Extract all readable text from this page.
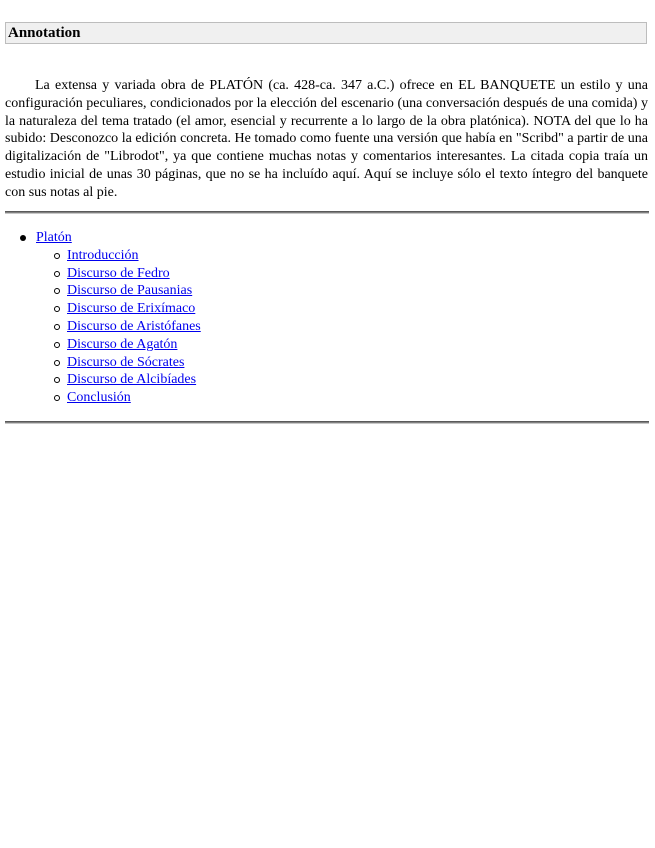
Annotation

La extensa y variada obra de PLATÓN (ca. 428-ca. 347 a.C.) ofrece en EL BANQUETE un estilo y una configuración peculiares, condicionados por la elección del escenario (una conversación después de una comida) y la naturaleza del tema tratado (el amor, esencial y recurrente a lo largo de la obra platónica). NOTA del que lo ha subido: Desconozco la edición concreta. He tomado como fuente una versión que había en "Scribd" a partir de una digitalización de "Librodot", ya que contiene muchas notas y comentarios interesantes. La citada copia traía un estudio inicial de unas 30 páginas, que no se ha incluído aquí. Aquí se incluye sólo el texto íntegro del banquete con sus notas al pie.

Platón
Introducción
Discurso de Fedro
Discurso de Pausanias
Discurso de Erixímaco
Discurso de Aristófanes
Discurso de Agatón
Discurso de Sócrates
Discurso de Alcibíades
Conclusión
